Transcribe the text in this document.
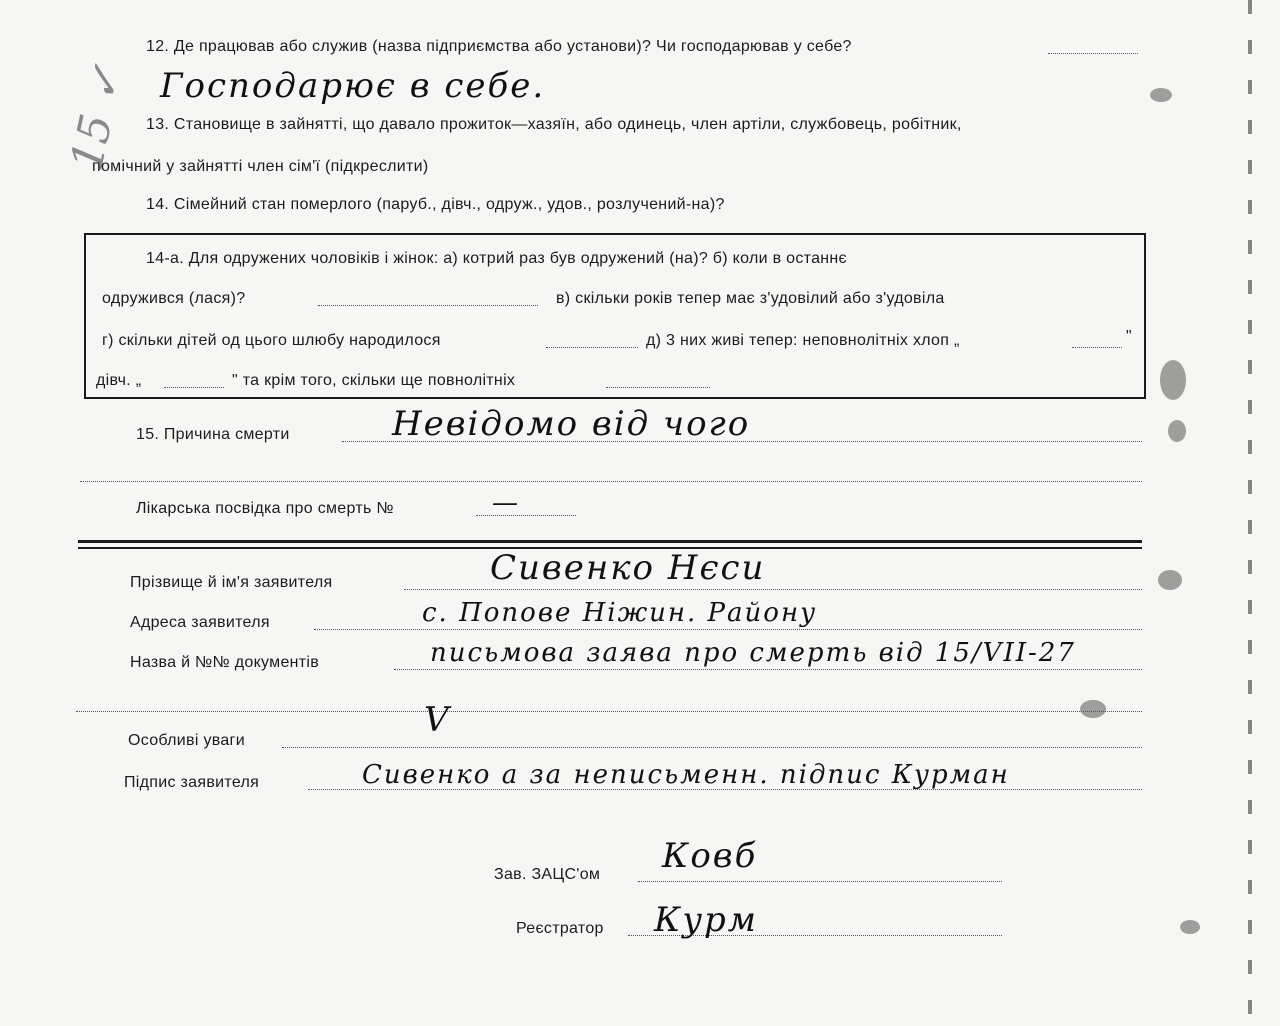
15 ✓
12. Де працював або служив (назва підприємства або установи)? Чи господарював у себе?
Господарює в себе.
13. Становище в зайнятті, що давало прожиток—хазяїн, або одинець, член артіли, службовець, робітник,
помічний у зайнятті член сім'ї (підкреслити)
14. Сімейний стан померлого (паруб., дівч., одруж., удов., розлучений-на)?
14-а. Для одружених чоловіків і жінок: а) котрий раз був одружений (на)? б) коли в останнє
одружився (лася)?	в) скільки років тепер має з'удовілий або з'удовіла
г) скільки дітей од цього шлюбу народилося	д) 3 них живі тепер: неповнолітніх хлоп „	"
дівч. „	" та крім того, скільки ще повнолітніх
15. Причина смерти	Невідомо від чого
Лікарська посвідка про смерть №	—
Прізвище й ім'я заявителя	Сивенко Нєси
Адреса заявителя	с. Попове Ніжин. Району
Назва й №№ документів	письмова заява про смерть від 15/VII-27
Особливі уваги
V
Підпис заявителя	Сивенко а за неписьменн. підпис Курман
Зав. ЗАЦС'ом Ковб
Реєстратор Курм
